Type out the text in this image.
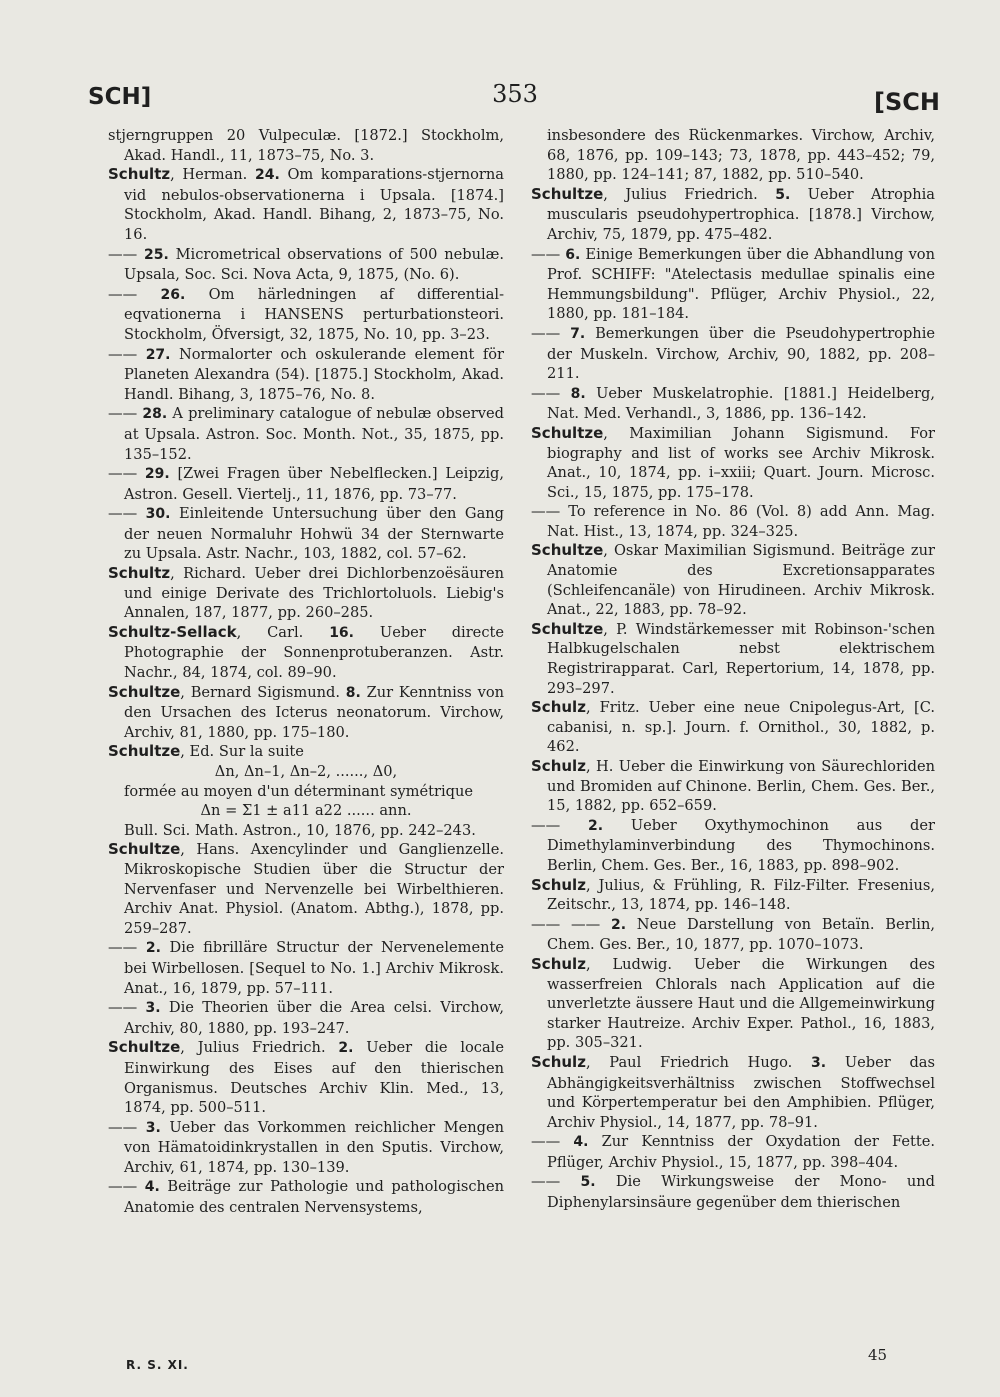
SCH]	353	[SCH

stjerngruppen 20 Vulpeculæ. [1872.] Stockholm, Akad. Handl., 11, 1873–75, No. 3.

Schultz, Herman. 24. Om komparations-stjernorna vid nebulos-observationerna i Upsala. [1874.] Stockholm, Akad. Handl. Bihang, 2, 1873–75, No. 16.

—— 25. Micrometrical observations of 500 nebulæ. Upsala, Soc. Sci. Nova Acta, 9, 1875, (No. 6).

—— 26. Om härledningen af differential-eqvationerna i HANSENS perturbationsteori. Stockholm, Öfversigt, 32, 1875, No. 10, pp. 3–23.

—— 27. Normalorter och oskulerande element för Planeten Alexandra (54). [1875.] Stockholm, Akad. Handl. Bihang, 3, 1875–76, No. 8.

—— 28. A preliminary catalogue of nebulæ observed at Upsala. Astron. Soc. Month. Not., 35, 1875, pp. 135–152.

—— 29. [Zwei Fragen über Nebelflecken.] Leipzig, Astron. Gesell. Viertelj., 11, 1876, pp. 73–77.

—— 30. Einleitende Untersuchung über den Gang der neuen Normaluhr Hohwü 34 der Sternwarte zu Upsala. Astr. Nachr., 103, 1882, col. 57–62.

Schultz, Richard. Ueber drei Dichlorbenzoësäuren und einige Derivate des Trichlortoluols. Liebig's Annalen, 187, 1877, pp. 260–285.

Schultz-Sellack, Carl. 16. Ueber directe Photographie der Sonnenprotuberanzen. Astr. Nachr., 84, 1874, col. 89–90.

Schultze, Bernard Sigismund. 8. Zur Kenntniss von den Ursachen des Icterus neonatorum. Virchow, Archiv, 81, 1880, pp. 175–180.

Schultze, Ed. Sur la suite

Δn, Δn–1, Δn–2, ......, Δ0,

formée au moyen d'un déterminant symétrique

Δn = Σ1 ± a11 a22 ...... ann.

Bull. Sci. Math. Astron., 10, 1876, pp. 242–243.

Schultze, Hans. Axencylinder und Ganglienzelle. Mikroskopische Studien über die Structur der Nervenfaser und Nervenzelle bei Wirbelthieren. Archiv Anat. Physiol. (Anatom. Abthg.), 1878, pp. 259–287.

—— 2. Die fibrilläre Structur der Nervenelemente bei Wirbellosen. [Sequel to No. 1.] Archiv Mikrosk. Anat., 16, 1879, pp. 57–111.

—— 3. Die Theorien über die Area celsi. Virchow, Archiv, 80, 1880, pp. 193–247.

Schultze, Julius Friedrich. 2. Ueber die locale Einwirkung des Eises auf den thierischen Organismus. Deutsches Archiv Klin. Med., 13, 1874, pp. 500–511.

—— 3. Ueber das Vorkommen reichlicher Mengen von Hämatoidinkrystallen in den Sputis. Virchow, Archiv, 61, 1874, pp. 130–139.

—— 4. Beiträge zur Pathologie und pathologischen Anatomie des centralen Nervensystems,

insbesondere des Rückenmarkes. Virchow, Archiv, 68, 1876, pp. 109–143; 73, 1878, pp. 443–452; 79, 1880, pp. 124–141; 87, 1882, pp. 510–540.

Schultze, Julius Friedrich. 5. Ueber Atrophia muscularis pseudohypertrophica. [1878.] Virchow, Archiv, 75, 1879, pp. 475–482.

—— 6. Einige Bemerkungen über die Abhandlung von Prof. SCHIFF: "Atelectasis medullae spinalis eine Hemmungsbildung". Pflüger, Archiv Physiol., 22, 1880, pp. 181–184.

—— 7. Bemerkungen über die Pseudohypertrophie der Muskeln. Virchow, Archiv, 90, 1882, pp. 208–211.

—— 8. Ueber Muskelatrophie. [1881.] Heidelberg, Nat. Med. Verhandl., 3, 1886, pp. 136–142.

Schultze, Maximilian Johann Sigismund. For biography and list of works see Archiv Mikrosk. Anat., 10, 1874, pp. i–xxiii; Quart. Journ. Microsc. Sci., 15, 1875, pp. 175–178.

—— To reference in No. 86 (Vol. 8) add Ann. Mag. Nat. Hist., 13, 1874, pp. 324–325.

Schultze, Oskar Maximilian Sigismund. Beiträge zur Anatomie des Excretionsapparates (Schleifencanäle) von Hirudineen. Archiv Mikrosk. Anat., 22, 1883, pp. 78–92.

Schultze, P. Windstärkemesser mit Robinson-'schen Halbkugelschalen nebst elektrischem Registrirapparat. Carl, Repertorium, 14, 1878, pp. 293–297.

Schulz, Fritz. Ueber eine neue Cnipolegus-Art, [C. cabanisi, n. sp.]. Journ. f. Ornithol., 30, 1882, p. 462.

Schulz, H. Ueber die Einwirkung von Säurechloriden und Bromiden auf Chinone. Berlin, Chem. Ges. Ber., 15, 1882, pp. 652–659.

—— 2. Ueber Oxythymochinon aus der Dimethylaminverbindung des Thymochinons. Berlin, Chem. Ges. Ber., 16, 1883, pp. 898–902.

Schulz, Julius, & Frühling, R. Filz-Filter. Fresenius, Zeitschr., 13, 1874, pp. 146–148.

—— —— 2. Neue Darstellung von Betaïn. Berlin, Chem. Ges. Ber., 10, 1877, pp. 1070–1073.

Schulz, Ludwig. Ueber die Wirkungen des wasserfreien Chlorals nach Application auf die unverletzte äussere Haut und die Allgemeinwirkung starker Hautreize. Archiv Exper. Pathol., 16, 1883, pp. 305–321.

Schulz, Paul Friedrich Hugo. 3. Ueber das Abhängigkeitsverhältniss zwischen Stoffwechsel und Körpertemperatur bei den Amphibien. Pflüger, Archiv Physiol., 14, 1877, pp. 78–91.

—— 4. Zur Kenntniss der Oxydation der Fette. Pflüger, Archiv Physiol., 15, 1877, pp. 398–404.

—— 5. Die Wirkungsweise der Mono- und Diphenylarsinsäure gegenüber dem thierischen

R. S. XI.
45
